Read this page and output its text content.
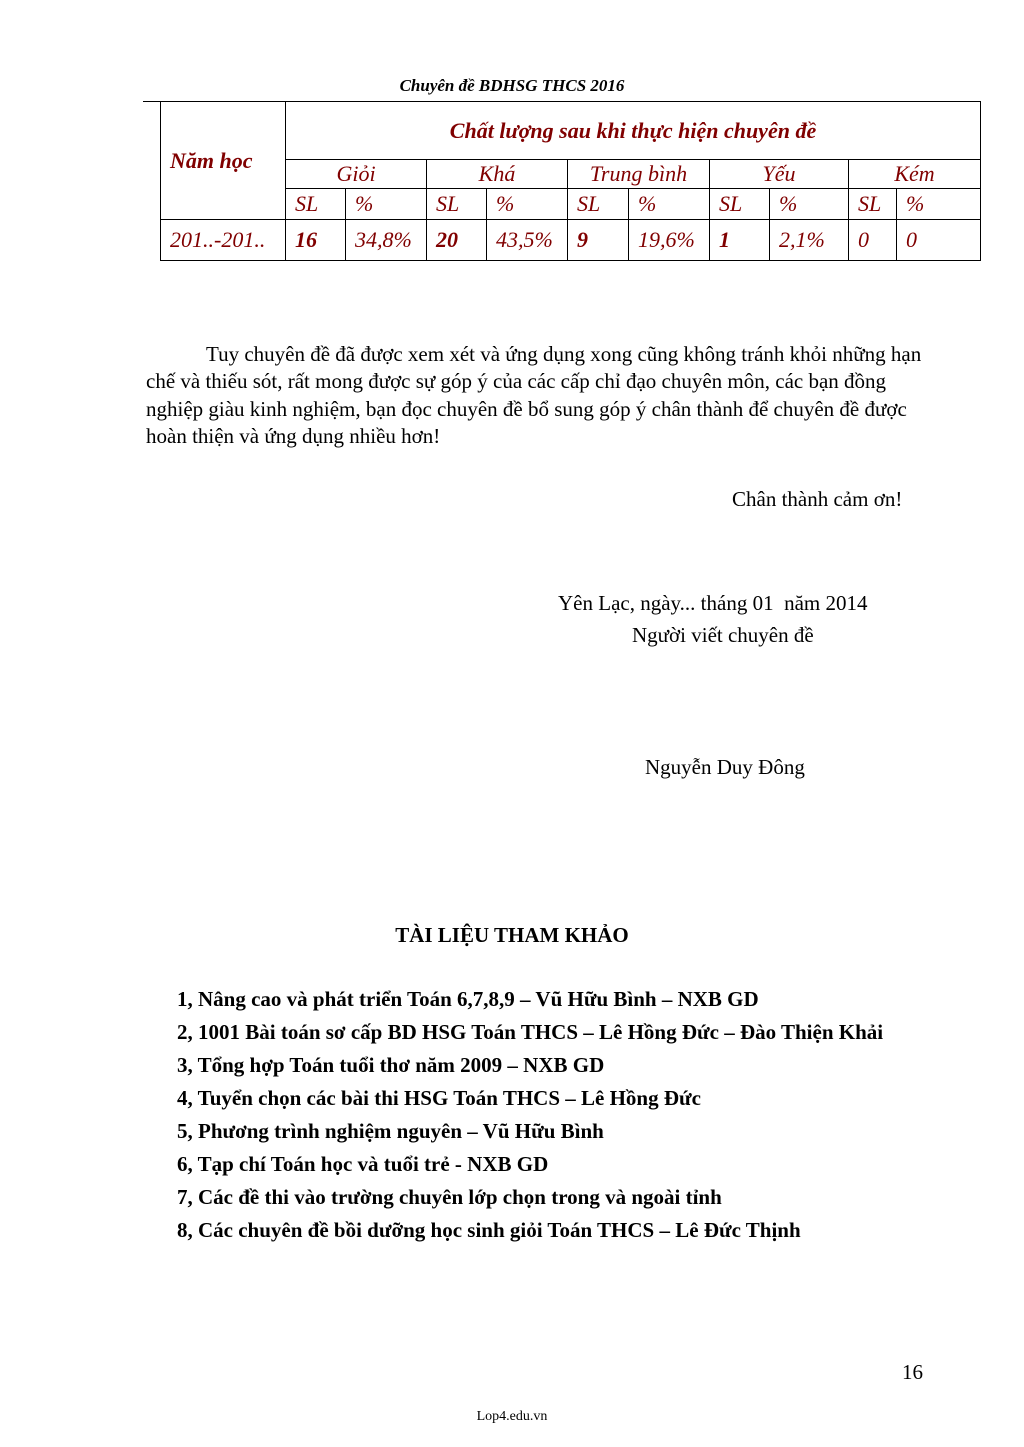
Chuyên đề BDHSG THCS 2016
Năm học	Chất lượng sau khi thực hiện chuyên đề									
	Giỏi		Khá		Trung bình		Yếu		Kém	
	SL	%	SL	%	SL	%	SL	%	SL	%
201..-201..	16	34,8%	20	43,5%	9	19,6%	1	2,1%	0	0
Tuy chuyên đề đã được xem xét và ứng dụng xong cũng không tránh khỏi những hạn chế và thiếu sót, rất mong được sự góp ý của các cấp chỉ đạo chuyên môn, các bạn đồng nghiệp giàu kinh nghiệm, bạn đọc chuyên đề bổ sung góp ý chân thành để chuyên đề được hoàn thiện và ứng dụng nhiều hơn!
Chân thành cảm ơn!
Yên Lạc, ngày... tháng 01  năm 2014
Người viết chuyên đề
Nguyễn Duy Đông
TÀI LIỆU THAM KHẢO
1, Nâng cao và phát triển Toán 6,7,8,9 – Vũ Hữu Bình – NXB GD
2, 1001 Bài toán sơ cấp BD HSG Toán THCS – Lê Hồng Đức – Đào Thiện Khải
3, Tổng hợp Toán tuổi thơ năm 2009 – NXB GD
4, Tuyển chọn các bài thi HSG Toán THCS – Lê Hồng Đức
5, Phương trình nghiệm nguyên – Vũ Hữu Bình
6, Tạp chí Toán học và tuổi trẻ - NXB GD
7, Các đề thi vào trường chuyên lớp chọn trong và ngoài tỉnh
8, Các chuyên đề bồi dưỡng học sinh giỏi Toán THCS – Lê Đức Thịnh
16
Lop4.edu.vn
